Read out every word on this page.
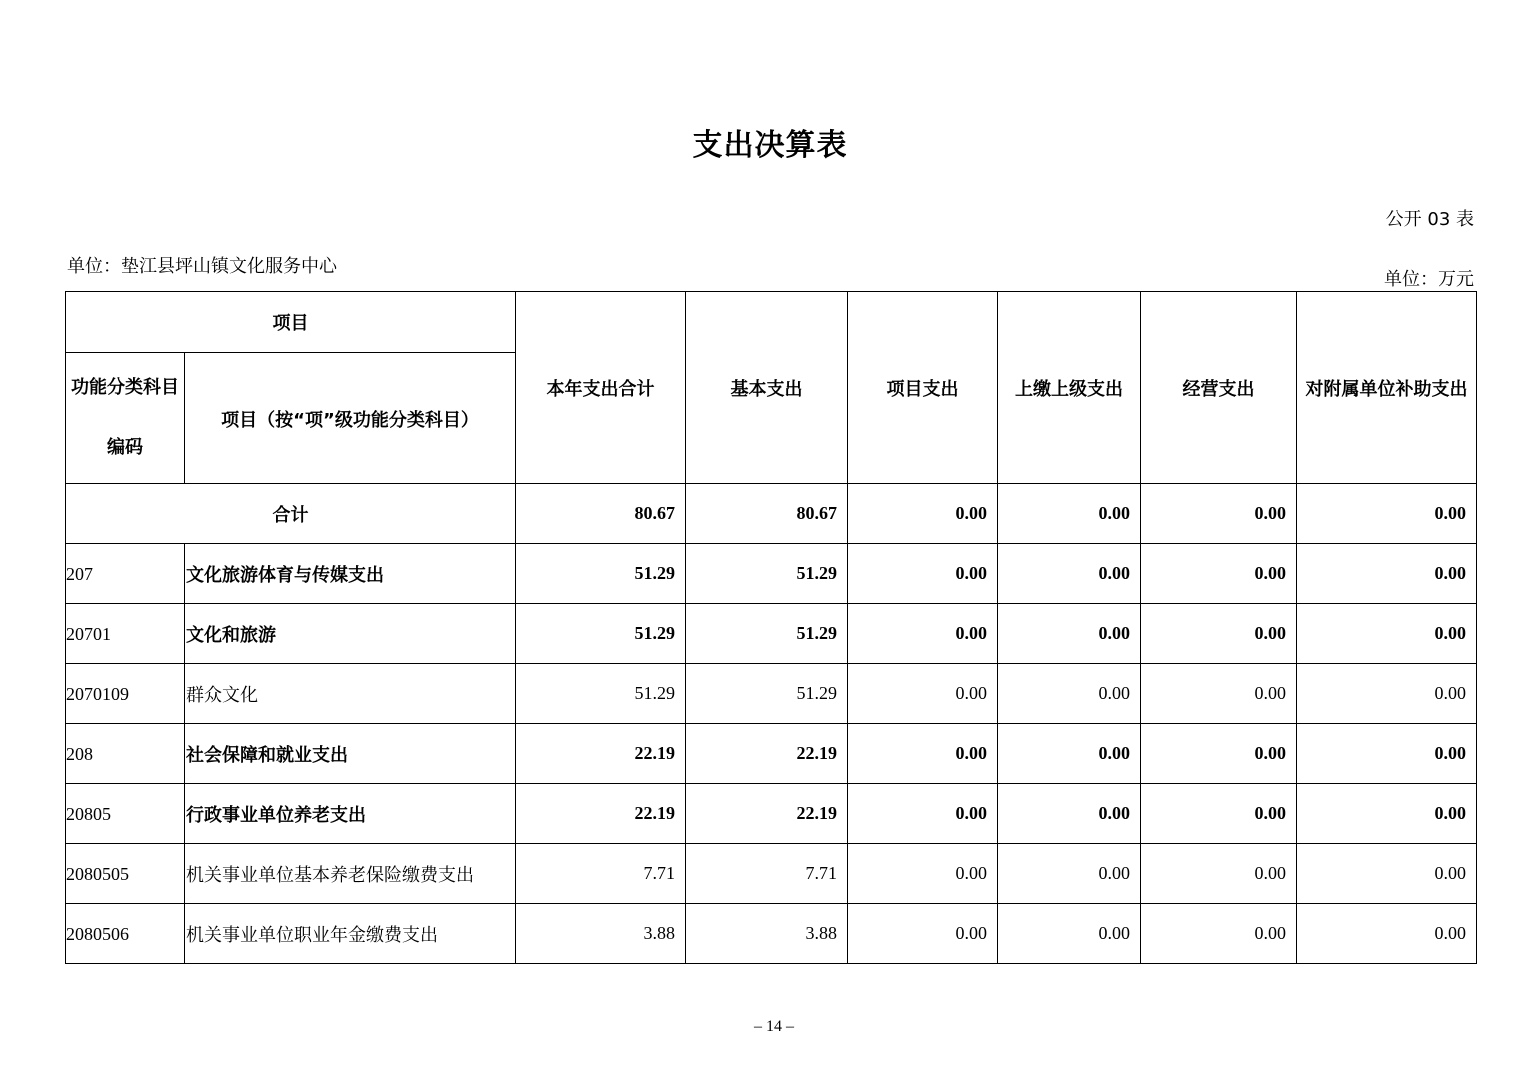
支出决算表
公开 03 表
单位：垫江县坪山镇文化服务中心
单位：万元
项目		本年支出合计	基本支出	项目支出	上缴上级支出	经营支出	对附属单位补助支出

功能分类科目
编码	项目（按“项”级功能分类科目）						
合计		80.67	80.67	0.00	0.00	0.00	0.00
207	文化旅游体育与传媒支出	51.29	51.29	0.00	0.00	0.00	0.00
20701	文化和旅游	51.29	51.29	0.00	0.00	0.00	0.00
2070109	群众文化	51.29	51.29	0.00	0.00	0.00	0.00
208	社会保障和就业支出	22.19	22.19	0.00	0.00	0.00	0.00
20805	行政事业单位养老支出	22.19	22.19	0.00	0.00	0.00	0.00
2080505	机关事业单位基本养老保险缴费支出	7.71	7.71	0.00	0.00	0.00	0.00
2080506	机关事业单位职业年金缴费支出	3.88	3.88	0.00	0.00	0.00	0.00
– 14 –
